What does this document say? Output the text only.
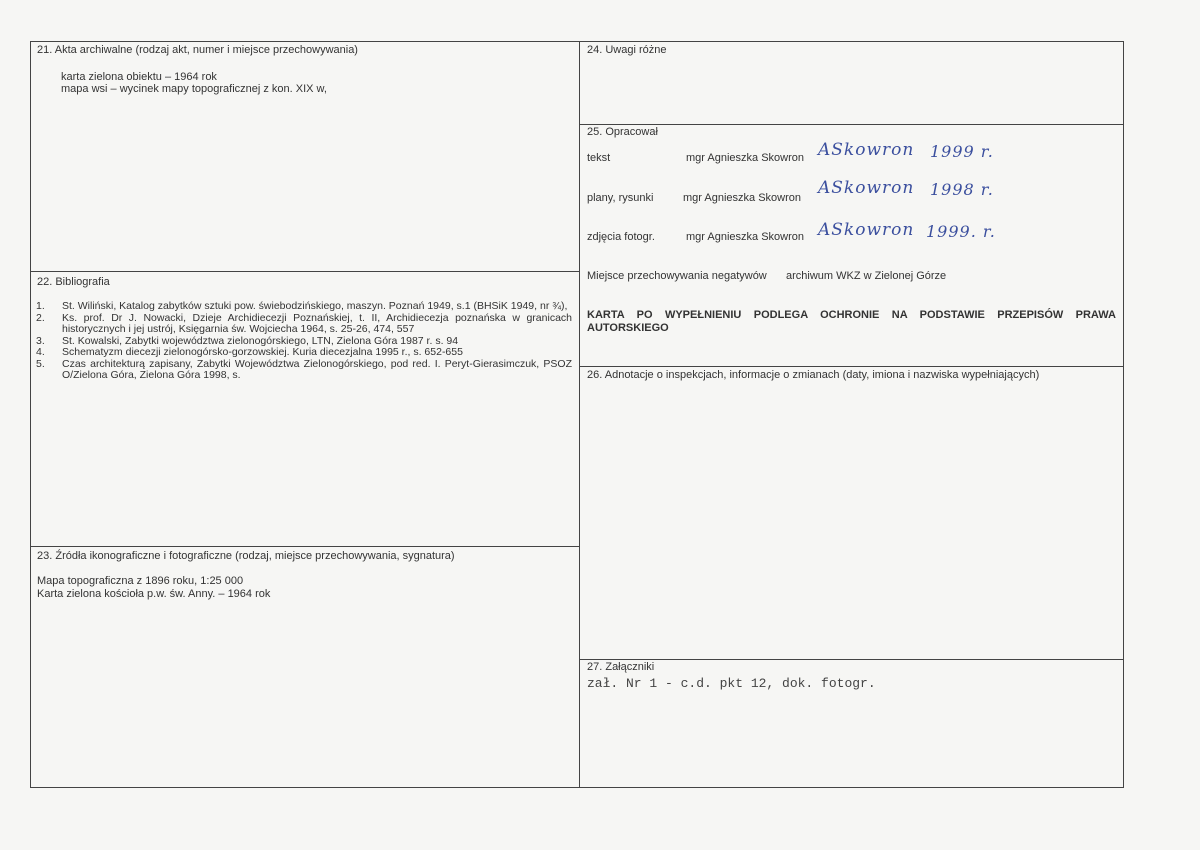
21. Akta archiwalne (rodzaj akt, numer i miejsce przechowywania)
karta zielona obiektu – 1964 rok
mapa wsi – wycinek mapy topograficznej z kon. XIX w,
22. Bibliografia
1.	St. Wiliński, Katalog zabytków sztuki pow. świebodzińskiego, maszyn. Poznań 1949, s.1 (BHSiK 1949, nr ¾),
2.	Ks. prof. Dr J. Nowacki, Dzieje Archidiecezji Poznańskiej, t. II, Archidiecezja poznańska w granicach historycznych i jej ustrój, Księgarnia św. Wojciecha 1964, s. 25-26, 474, 557
3.	St. Kowalski, Zabytki województwa zielonogórskiego, LTN, Zielona Góra 1987 r. s. 94
4.	Schematyzm diecezji zielonogórsko-gorzowskiej. Kuria diecezjalna 1995 r., s. 652-655
5.	Czas architekturą zapisany, Zabytki Województwa Zielonogórskiego, pod red. I. Peryt-Gierasimczuk, PSOZ O/Zielona Góra, Zielona Góra 1998, s.
23. Źródła ikonograficzne i fotograficzne (rodzaj, miejsce przechowywania, sygnatura)
Mapa topograficzna z 1896 roku, 1:25 000
Karta zielona kościoła p.w. św. Anny. – 1964 rok
24. Uwagi różne
25. Opracował
tekst	mgr Agnieszka Skowron ASkowron 1999 r.
plany, rysunki	mgr Agnieszka Skowron ASkowron 1998 r.
zdjęcia fotogr.	mgr Agnieszka Skowron ASkowron 1999. r.
Miejsce przechowywania negatywów archiwum WKZ w Zielonej Górze
KARTA PO WYPEŁNIENIU PODLEGA OCHRONIE NA PODSTAWIE PRZEPISÓW PRAWA AUTORSKIEGO
26. Adnotacje o inspekcjach, informacje o zmianach (daty, imiona i nazwiska wypełniających)
27. Załączniki
zał. Nr 1 - c.d. pkt 12, dok. fotogr.
